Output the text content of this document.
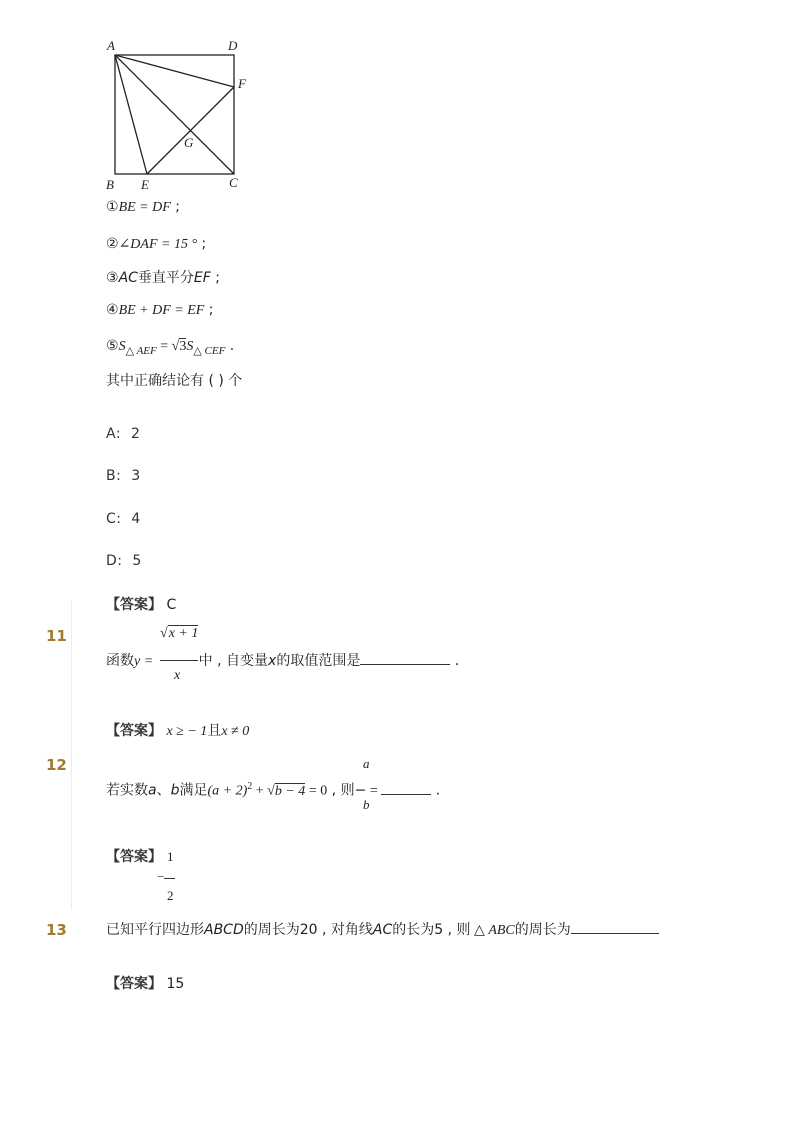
A	D
F
G
B E	C
①BE = DF ;
②∠DAF = 15 ° ;
③AC垂直平分EF ;
④BE + DF = EF ;
$⑤S_{\triangle AEF} = √3S_{\triangle CEF}$ .
其中正确结论有 ( ) 个
A: 2
B: 3
C: 4
D: 5
【答案】 C
11	√x + 1
x
函数y =	中 , 自变量x的取值范围是	.
【答案】 x ≥ − 1且x ≠ 0
12	a
b
若实数a、b满足$(a + 2)^2 + √b - 4 = 0$ , 则− =	.
【答案】 1
−
2
13	已知平行四边形ABCD的周长为20 , 对角线AC的长为5 , 则 △ ABC的周长为
【答案】 15
